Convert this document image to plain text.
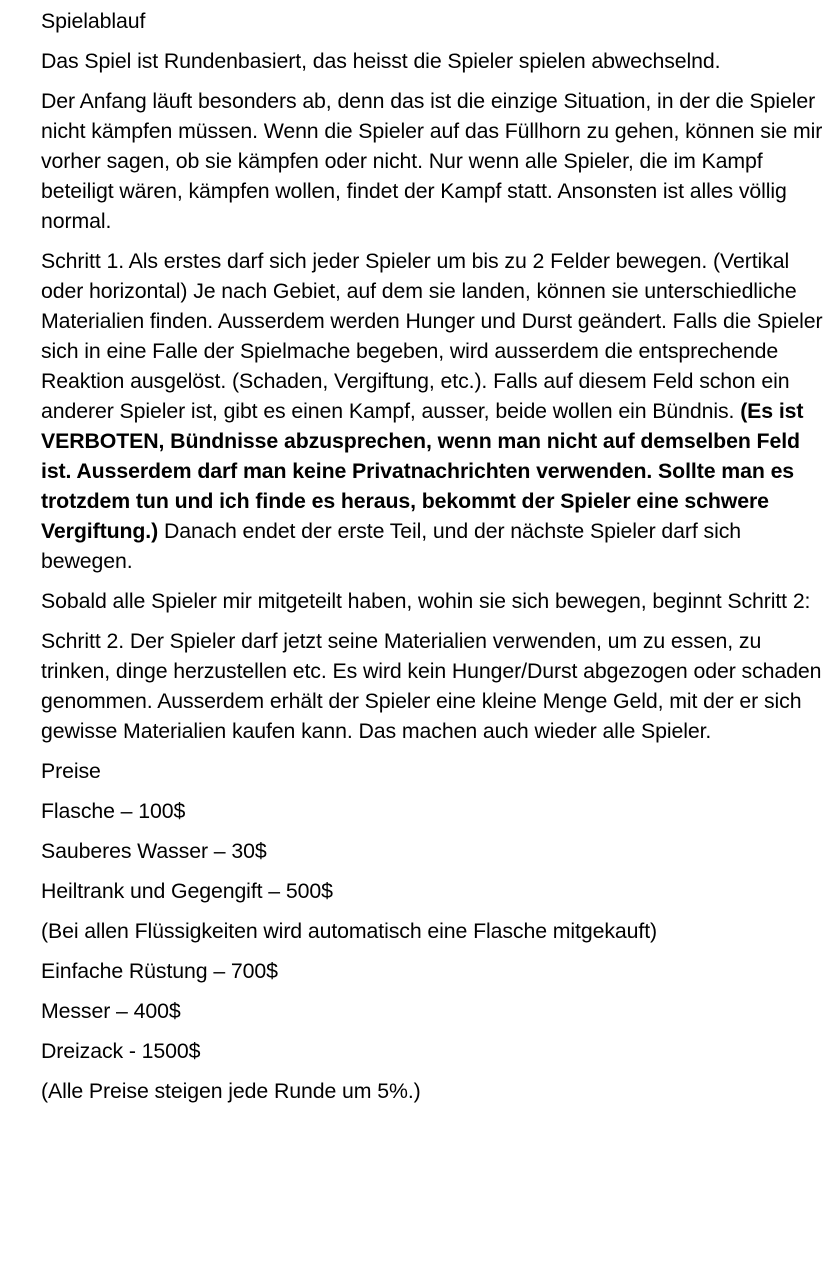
Spielablauf

Das Spiel ist Rundenbasiert, das heisst die Spieler spielen abwechselnd.

Der Anfang läuft besonders ab, denn das ist die einzige Situation, in der die Spieler nicht kämpfen müssen. Wenn die Spieler auf das Füllhorn zu gehen, können sie mir vorher sagen, ob sie kämpfen oder nicht. Nur wenn alle Spieler, die im Kampf beteiligt wären, kämpfen wollen, findet der Kampf statt. Ansonsten ist alles völlig normal.

Schritt 1. Als erstes darf sich jeder Spieler um bis zu 2 Felder bewegen. (Vertikal oder horizontal) Je nach Gebiet, auf dem sie landen, können sie unterschiedliche Materialien finden. Ausserdem werden Hunger und Durst geändert. Falls die Spieler sich in eine Falle der Spielmache begeben, wird ausserdem die entsprechende Reaktion ausgelöst. (Schaden, Vergiftung, etc.). Falls auf diesem Feld schon ein anderer Spieler ist, gibt es einen Kampf, ausser, beide wollen ein Bündnis. (Es ist VERBOTEN, Bündnisse abzusprechen, wenn man nicht auf demselben Feld ist. Ausserdem darf man keine Privatnachrichten verwenden. Sollte man es trotzdem tun und ich finde es heraus, bekommt der Spieler eine schwere Vergiftung.) Danach endet der erste Teil, und der nächste Spieler darf sich bewegen.

Sobald alle Spieler mir mitgeteilt haben, wohin sie sich bewegen, beginnt Schritt 2:

Schritt 2. Der Spieler darf jetzt seine Materialien verwenden, um zu essen, zu trinken, dinge herzustellen etc. Es wird kein Hunger/Durst abgezogen oder schaden genommen. Ausserdem erhält der Spieler eine kleine Menge Geld, mit der er sich gewisse Materialien kaufen kann. Das machen auch wieder alle Spieler.

Preise

Flasche – 100$

Sauberes Wasser – 30$

Heiltrank und Gegengift – 500$

(Bei allen Flüssigkeiten wird automatisch eine Flasche mitgekauft)

Einfache Rüstung – 700$

Messer – 400$

Dreizack - 1500$

(Alle Preise steigen jede Runde um 5%.)
